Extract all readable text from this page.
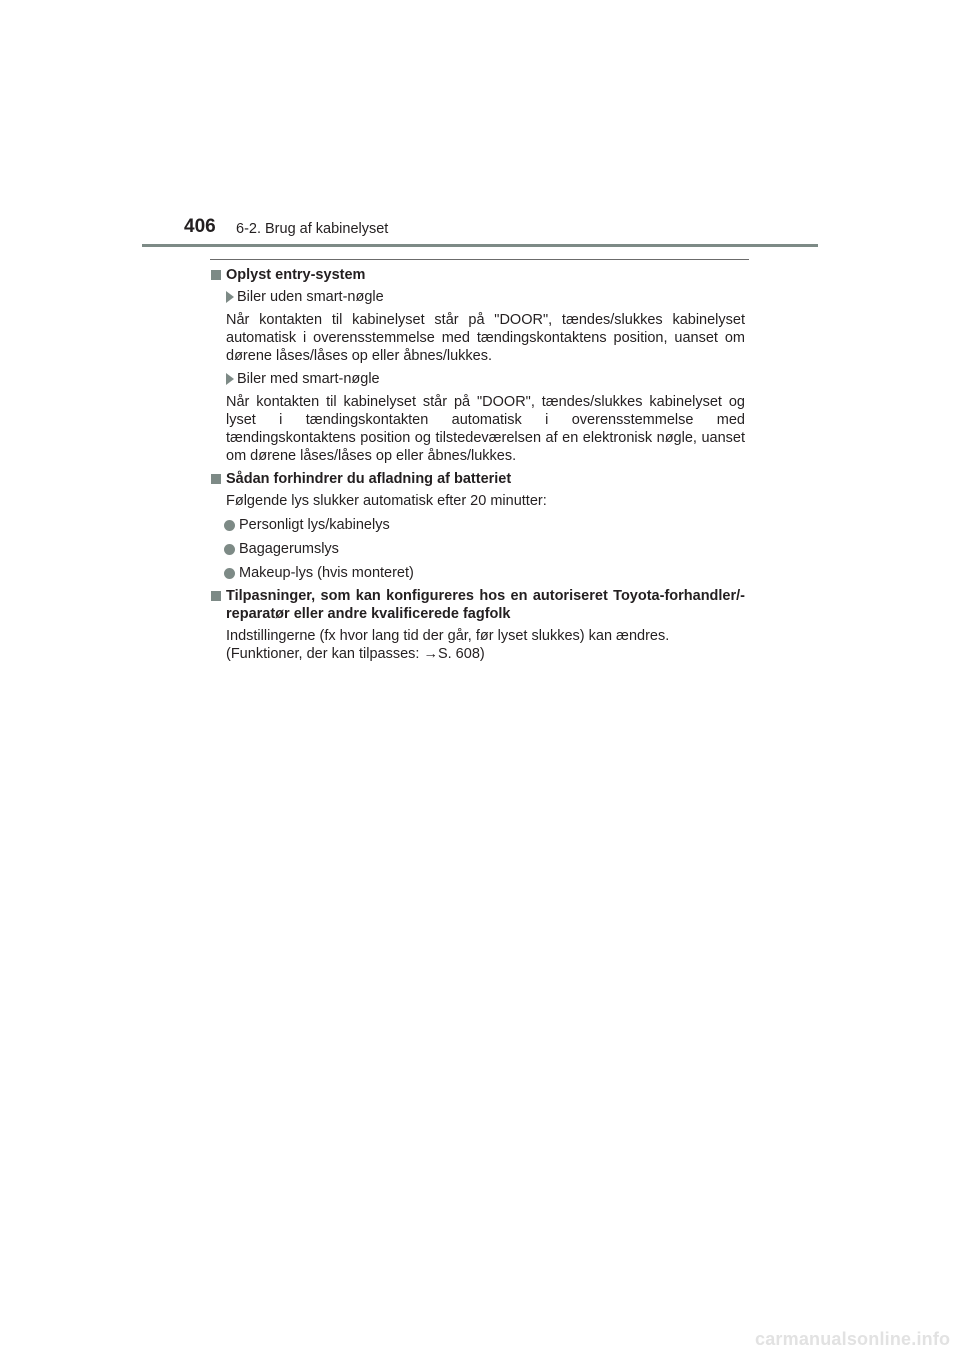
406 6-2. Brug af kabinelyset
Oplyst entry-system
Biler uden smart-nøgle
Når kontakten til kabinelyset står på "DOOR", tændes/slukkes kabinelyset automatisk i overensstemmelse med tændingskontaktens position, uanset om dørene låses/låses op eller åbnes/lukkes.
Biler med smart-nøgle
Når kontakten til kabinelyset står på "DOOR", tændes/slukkes kabinelyset og lyset i tændingskontakten automatisk i overensstemmelse med tændingskontaktens position og tilstedeværelsen af en elektronisk nøgle, uanset om dørene låses/låses op eller åbnes/lukkes.
Sådan forhindrer du afladning af batteriet
Følgende lys slukker automatisk efter 20 minutter:
Personligt lys/kabinelys
Bagagerumslys
Makeup-lys (hvis monteret)
Tilpasninger, som kan konfigureres hos en autoriseret Toyota-forhandler/-reparatør eller andre kvalificerede fagfolk
Indstillingerne (fx hvor lang tid der går, før lyset slukkes) kan ændres.
(Funktioner, der kan tilpasses: →S. 608)
carmanualsonline.info
